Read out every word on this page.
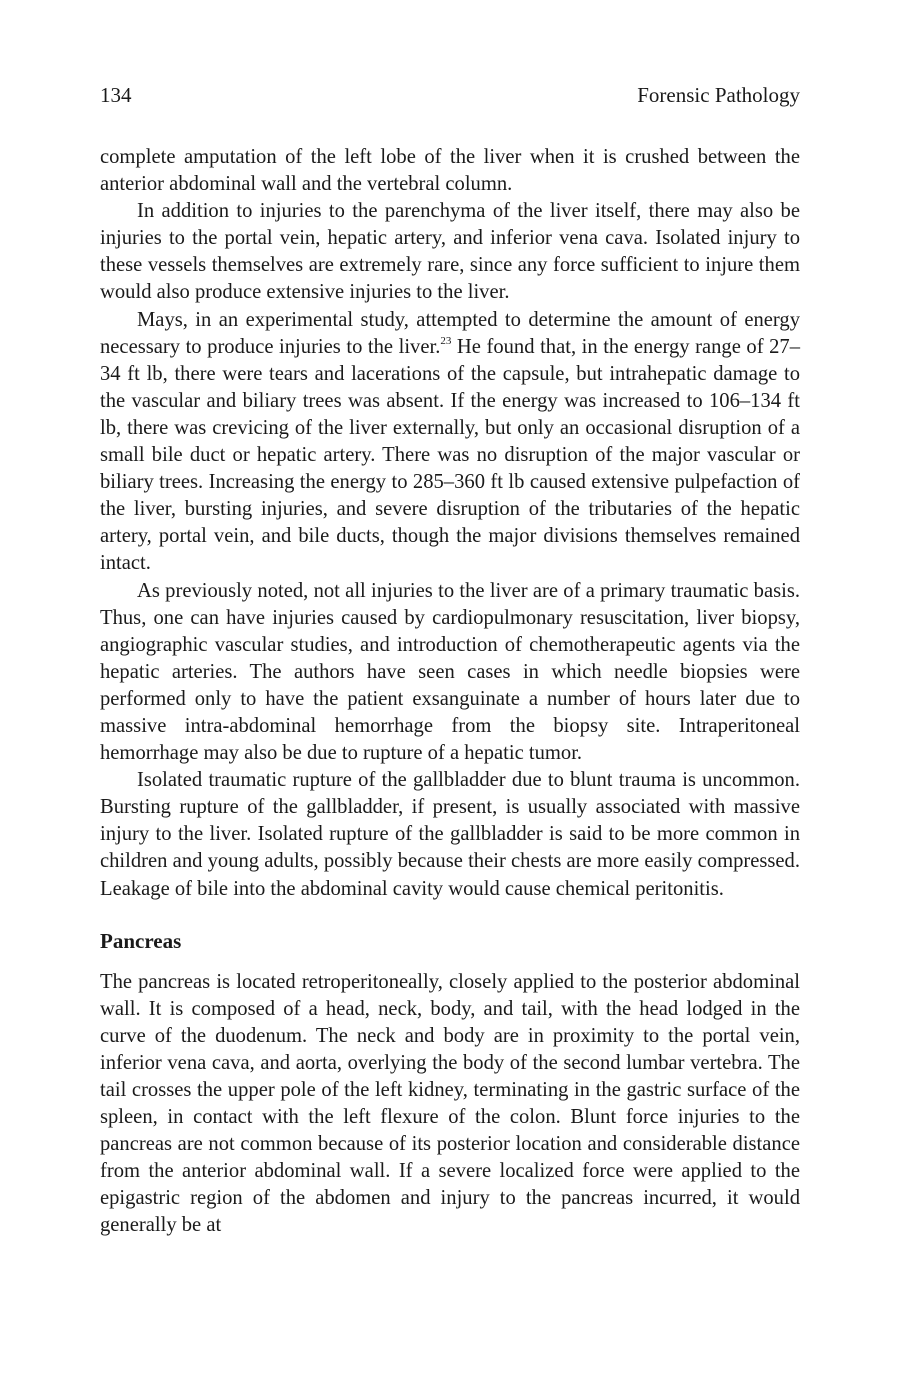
134	Forensic Pathology

complete amputation of the left lobe of the liver when it is crushed between the anterior abdominal wall and the vertebral column.

In addition to injuries to the parenchyma of the liver itself, there may also be injuries to the portal vein, hepatic artery, and inferior vena cava. Isolated injury to these vessels themselves are extremely rare, since any force sufficient to injure them would also produce extensive injuries to the liver.

Mays, in an experimental study, attempted to determine the amount of energy necessary to produce injuries to the liver.$^{23}$ He found that, in the energy range of 27–34 ft lb, there were tears and lacerations of the capsule, but intrahepatic damage to the vascular and biliary trees was absent. If the energy was increased to 106–134 ft lb, there was crevicing of the liver externally, but only an occasional disruption of a small bile duct or hepatic artery. There was no disruption of the major vascular or biliary trees. Increasing the energy to 285–360 ft lb caused extensive pulpefaction of the liver, bursting injuries, and severe disruption of the tributaries of the hepatic artery, portal vein, and bile ducts, though the major divisions themselves remained intact.

As previously noted, not all injuries to the liver are of a primary traumatic basis. Thus, one can have injuries caused by cardiopulmonary resuscitation, liver biopsy, angiographic vascular studies, and introduction of chemotherapeutic agents via the hepatic arteries. The authors have seen cases in which needle biopsies were performed only to have the patient exsanguinate a number of hours later due to massive intra-abdominal hemorrhage from the biopsy site. Intraperitoneal hemorrhage may also be due to rupture of a hepatic tumor.

Isolated traumatic rupture of the gallbladder due to blunt trauma is uncommon. Bursting rupture of the gallbladder, if present, is usually associated with massive injury to the liver. Isolated rupture of the gallbladder is said to be more common in children and young adults, possibly because their chests are more easily compressed. Leakage of bile into the abdominal cavity would cause chemical peritonitis.

Pancreas

The pancreas is located retroperitoneally, closely applied to the posterior abdominal wall. It is composed of a head, neck, body, and tail, with the head lodged in the curve of the duodenum. The neck and body are in proximity to the portal vein, inferior vena cava, and aorta, overlying the body of the second lumbar vertebra. The tail crosses the upper pole of the left kidney, terminating in the gastric surface of the spleen, in contact with the left flexure of the colon. Blunt force injuries to the pancreas are not common because of its posterior location and considerable distance from the anterior abdominal wall. If a severe localized force were applied to the epigastric region of the abdomen and injury to the pancreas incurred, it would generally be at
